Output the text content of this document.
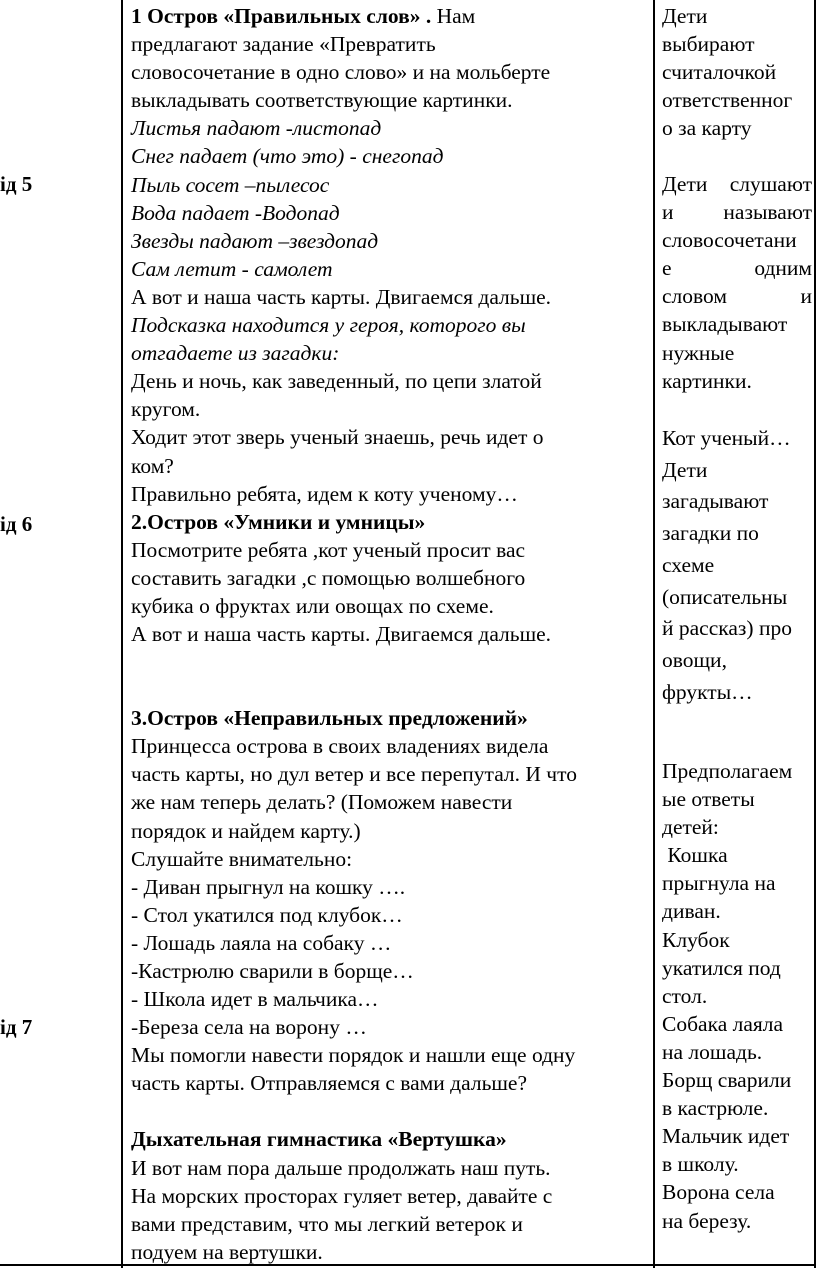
ід 5
ід 6
ід 7
1 Остров «Правильных слов» . Нам
предлагают задание «Превратить
словосочетание в одно слово» и на мольберте
выкладывать соответствующие картинки.
Листья падают -листопад
Снег падает (что это) - снегопад
Пыль сосет –пылесос
Вода падает -Водопад
Звезды падают –звездопад
Сам летит - самолет
А вот и наша часть карты. Двигаемся дальше.
Подсказка находится у героя, которого вы
отгадаете из загадки:
День и ночь, как заведенный, по цепи златой
кругом.
Ходит этот зверь ученый знаешь, речь идет о
ком?
Правильно ребята, идем к коту ученому…
2.Остров «Умники и умницы»
Посмотрите ребята ,кот ученый просит вас
составить загадки ,с помощью волшебного
кубика о фруктах или овощах по схеме.
А вот и наша часть карты. Двигаемся дальше.
3.Остров «Неправильных предложений»
Принцесса острова в своих владениях видела
часть карты, но дул ветер и все перепутал. И что
же нам теперь делать? (Поможем навести
порядок и найдем карту.)
Слушайте внимательно:
- Диван прыгнул на кошку ….
- Стол укатился под клубок…
- Лошадь лаяла на собаку …
-Кастрюлю сварили в борще…
- Школа идет в мальчика…
-Береза села на ворону …
Мы помогли навести порядок и нашли еще одну
часть карты. Отправляемся с вами дальше?
Дыхательная гимнастика «Вертушка»
И вот нам пора дальше продолжать наш путь.
На морских просторах гуляет ветер, давайте с
вами представим, что мы легкий ветерок и
подуем на вертушки.
Дети
выбирают
считалочкой
ответственног
о за карту
Дети слушают
и называют
словосочетани
е	одним
словом	и
выкладывают
нужные
картинки.
Кот ученый…
Дети
загадывают
загадки по
схеме
(описательны
й рассказ) про
овощи,
фрукты…
Предполагаем
ые ответы
детей:
Кошка
прыгнула на
диван.
Клубок
укатился под
стол.
Собака лаяла
на лошадь.
Борщ сварили
в кастрюле.
Мальчик идет
в школу.
Ворона села
на березу.
